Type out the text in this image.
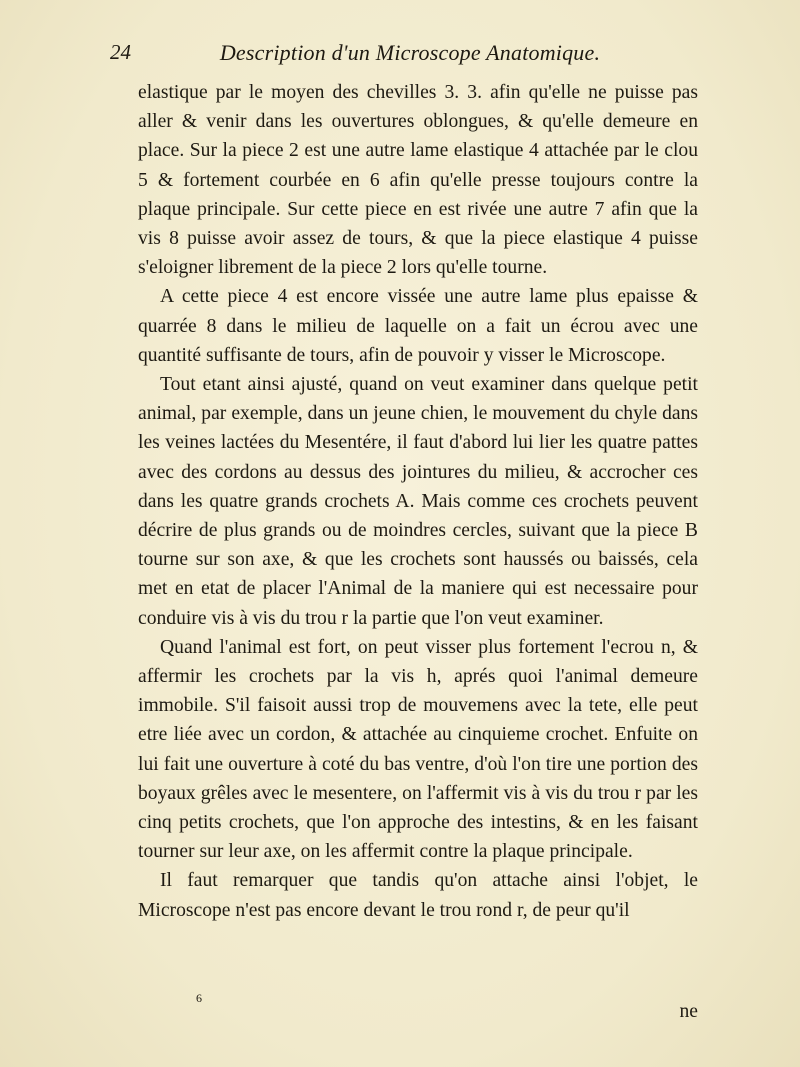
24	Description d'un Microscope Anatomique.

elastique par le moyen des chevilles 3. 3. afin qu'elle ne puisse pas aller & venir dans les ouvertures oblongues, & qu'elle demeure en place. Sur la piece 2 est une autre lame elastique 4 attachée par le clou 5 & fortement courbée en 6 afin qu'elle presse toujours contre la plaque principale. Sur cette piece en est rivée une autre 7 afin que la vis 8 puisse avoir assez de tours, & que la piece elastique 4 puisse s'eloigner librement de la piece 2 lors qu'elle tourne.

A cette piece 4 est encore vissée une autre lame plus epaisse & quarrée 8 dans le milieu de laquelle on a fait un écrou avec une quantité suffisante de tours, afin de pouvoir y visser le Microscope.

Tout etant ainsi ajusté, quand on veut examiner dans quelque petit animal, par exemple, dans un jeune chien, le mouvement du chyle dans les veines lactées du Mesentére, il faut d'abord lui lier les quatre pattes avec des cordons au dessus des jointures du milieu, & accrocher ces dans les quatre grands crochets A. Mais comme ces crochets peuvent décrire de plus grands ou de moindres cercles, suivant que la piece B tourne sur son axe, & que les crochets sont haussés ou baissés, cela met en etat de placer l'Animal de la maniere qui est necessaire pour conduire vis à vis du trou r la partie que l'on veut examiner.

Quand l'animal est fort, on peut visser plus fortement l'ecrou n, & affermir les crochets par la vis h, aprés quoi l'animal demeure immobile. S'il faisoit aussi trop de mouvemens avec la tete, elle peut etre liée avec un cordon, & attachée au cinquieme crochet. Enfuite on lui fait une ouverture à coté du bas ventre, d'où l'on tire une portion des boyaux grêles avec le mesentere, on l'affermit vis à vis du trou r par les cinq petits crochets, que l'on approche des intestins, & en les faisant tourner sur leur axe, on les affermit contre la plaque principale.

Il faut remarquer que tandis qu'on attache ainsi l'objet, le Microscope n'est pas encore devant le trou rond r, de peur qu'il

6
ne
